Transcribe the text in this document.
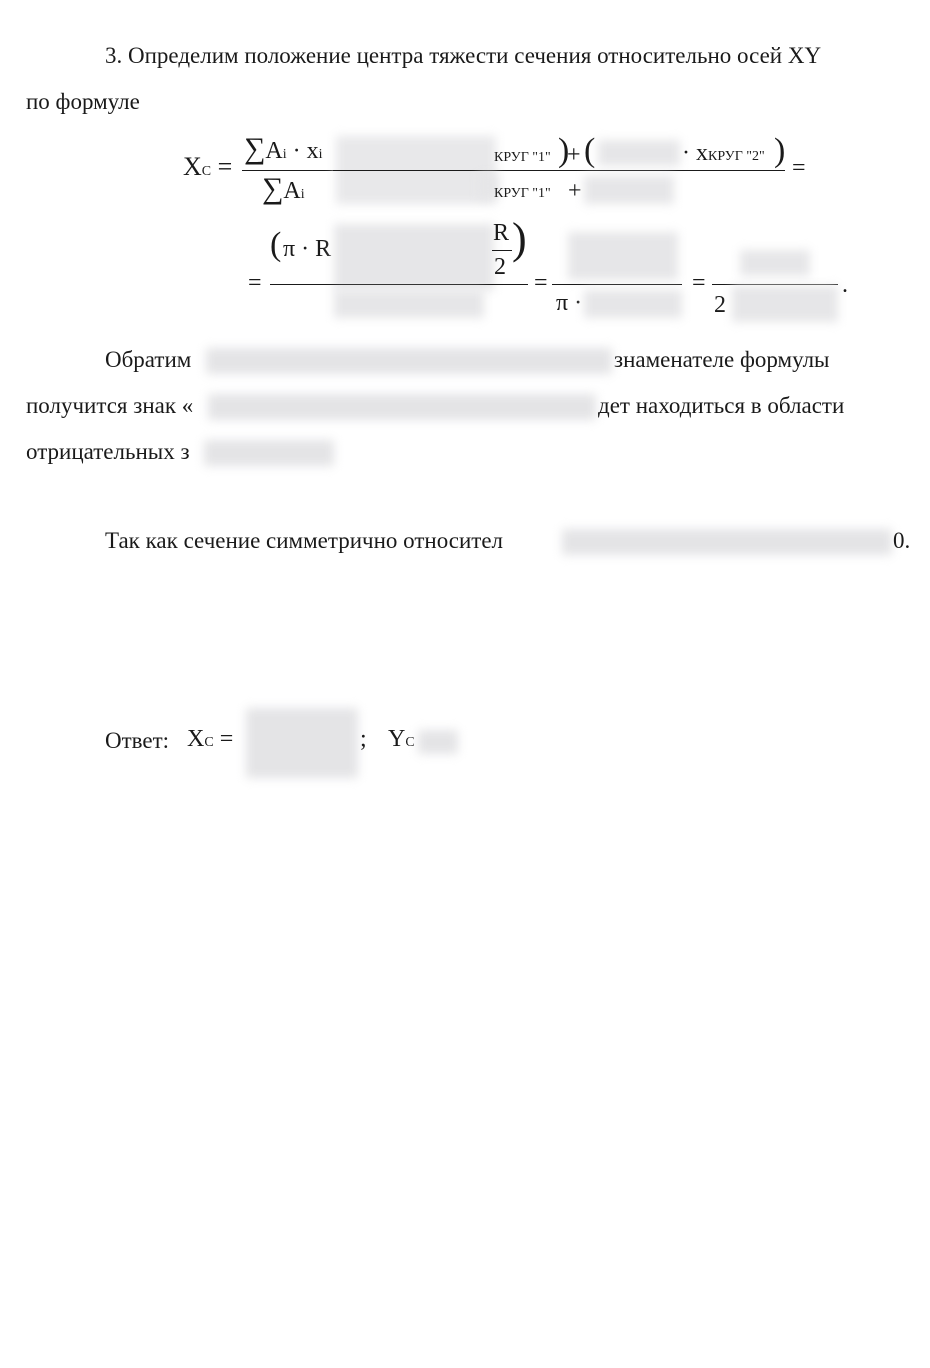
3. Определим положение центра тяжести сечения относительно осей XY
по формуле
XC =
∑Ai · xi
∑Ai
КРУГ "1" )
+ (	· xКРУГ "2" )
КРУГ "1" +
=
=
( π · R
R
2
)
=
π ·
=
2
.
Обратим	знаменателе формулы
получится знак «	дет находиться в области
отрицательных з
Так как сечение симметрично относител	0.
Ответ: XC =	; YC
